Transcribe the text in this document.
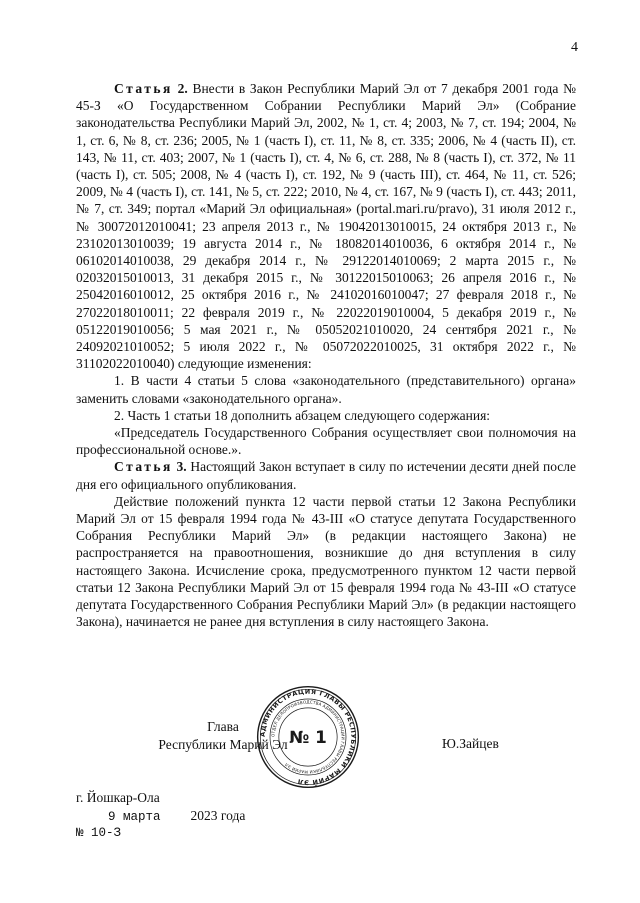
4

Статья 2. Внести в Закон Республики Марий Эл от 7 декабря 2001 года № 45-З «О Государственном Собрании Республики Марий Эл» (Собрание законодательства Республики Марий Эл, 2002, № 1, ст. 4; 2003, № 7, ст. 194; 2004, № 1, ст. 6, № 8, ст. 236; 2005, № 1 (часть I), ст. 11, № 8, ст. 335; 2006, № 4 (часть II), ст. 143, № 11, ст. 403; 2007, № 1 (часть I), ст. 4, № 6, ст. 288, № 8 (часть I), ст. 372, № 11 (часть I), ст. 505; 2008, № 4 (часть I), ст. 192, № 9 (часть III), ст. 464, № 11, ст. 526; 2009, № 4 (часть I), ст. 141, № 5, ст. 222; 2010, № 4, ст. 167, № 9 (часть I), ст. 443; 2011, № 7, ст. 349; портал «Марий Эл официальная» (portal.mari.ru/pravo), 31 июля 2012 г., № 30072012010041; 23 апреля 2013 г., № 19042013010015, 24 октября 2013 г., № 23102013010039; 19 августа 2014 г., № 18082014010036, 6 октября 2014 г., № 06102014010038, 29 декабря 2014 г., № 29122014010069; 2 марта 2015 г., № 02032015010013, 31 декабря 2015 г., № 30122015010063; 26 апреля 2016 г., № 25042016010012, 25 октября 2016 г., № 24102016010047; 27 февраля 2018 г., № 27022018010011; 22 февраля 2019 г., № 22022019010004, 5 декабря 2019 г., № 05122019010056; 5 мая 2021 г., № 05052021010020, 24 сентября 2021 г., № 24092021010052; 5 июля 2022 г., № 05072022010025, 31 октября 2022 г., № 31102022010040) следующие изменения:

1. В части 4 статьи 5 слова «законодательного (представительного) органа» заменить словами «законодательного органа».

2. Часть 1 статьи 18 дополнить абзацем следующего содержания:

«Председатель Государственного Собрания осуществляет свои полномочия на профессиональной основе.».

Статья 3. Настоящий Закон вступает в силу по истечении десяти дней после дня его официального опубликования.

Действие положений пункта 12 части первой статьи 12 Закона Республики Марий Эл от 15 февраля 1994 года № 43-III «О статусе депутата Государственного Собрания Республики Марий Эл» (в редакции настоящего Закона) не распространяется на правоотношения, возникшие до дня вступления в силу настоящего Закона. Исчисление срока, предусмотренного пунктом 12 части первой статьи 12 Закона Республики Марий Эл от 15 февраля 1994 года № 43-III «О статусе депутата Государственного Собрания Республики Марий Эл» (в редакции настоящего Закона), начинается не ранее дня вступления в силу настоящего Закона.

Глава
Республики Марий Эл
АДМИНИСТРАЦИЯ ГЛАВЫ РЕСПУБЛИКИ МАРИЙ ЭЛ
ОТДЕЛ ДЕЛОПРОИЗВОДСТВА АДМИНИСТРАЦИИ ГЛАВЫ РЕСПУБЛИКИ МАРИЙ ЭЛ
№ 1	Ю.Зайцев
г. Йошкар-Ола
9 марта 2023 года
№ 10-З
